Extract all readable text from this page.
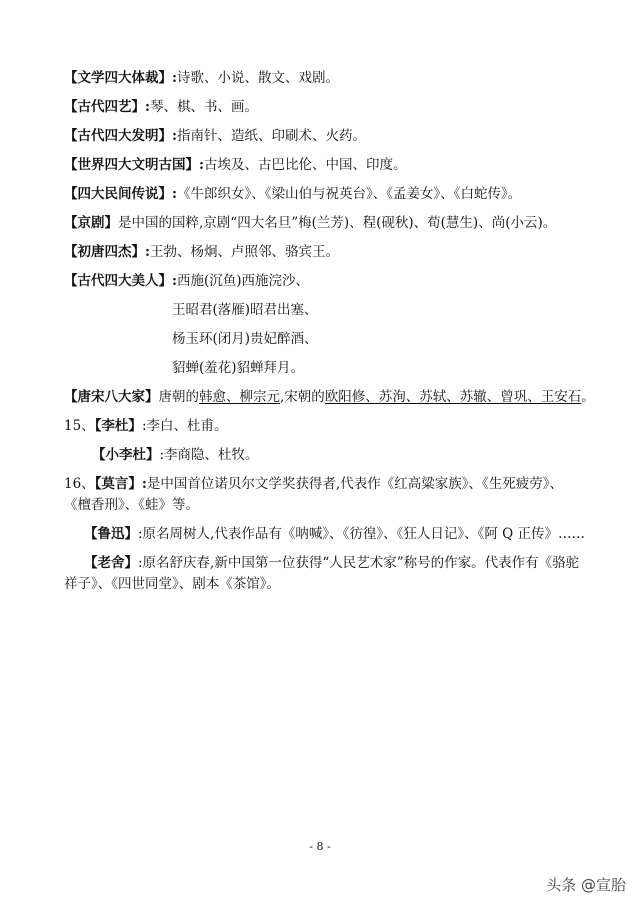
【文学四大体裁】:诗歌、小说、散文、戏剧。
【古代四艺】:琴、棋、书、画。
【古代四大发明】:指南针、造纸、印刷术、火药。
【世界四大文明古国】:古埃及、古巴比伦、中国、印度。
【四大民间传说】:《牛郎织女》、《梁山伯与祝英台》、《孟姜女》、《白蛇传》。
【京剧】是中国的国粹,京剧“四大名旦”梅(兰芳)、程(砚秋)、荀(慧生)、尚(小云)。
【初唐四杰】:王勃、杨炯、卢照邻、骆宾王。
【古代四大美人】:西施(沉鱼)西施浣沙、
王昭君(落雁)昭君出塞、
杨玉环(闭月)贵妃醉酒、
貂蝉(羞花)貂蝉拜月。
【唐宋八大家】唐朝的韩愈、柳宗元,宋朝的欧阳修、苏洵、苏轼、苏辙、曾巩、王安石。
15、【李杜】:李白、杜甫。
【小李杜】:李商隐、杜牧。
16、【莫言】:是中国首位诺贝尔文学奖获得者,代表作《红高粱家族》、《生死疲劳》、
《檀香刑》、《蛙》等。
【鲁迅】:原名周树人,代表作品有《呐喊》、《彷徨》、《狂人日记》、《阿 Q 正传》……
【老舍】:原名舒庆春,新中国第一位获得“人民艺术家”称号的作家。代表作有《骆驼
祥子》、《四世同堂》、剧本《茶馆》。
- 8 -
头条 @宣胎
